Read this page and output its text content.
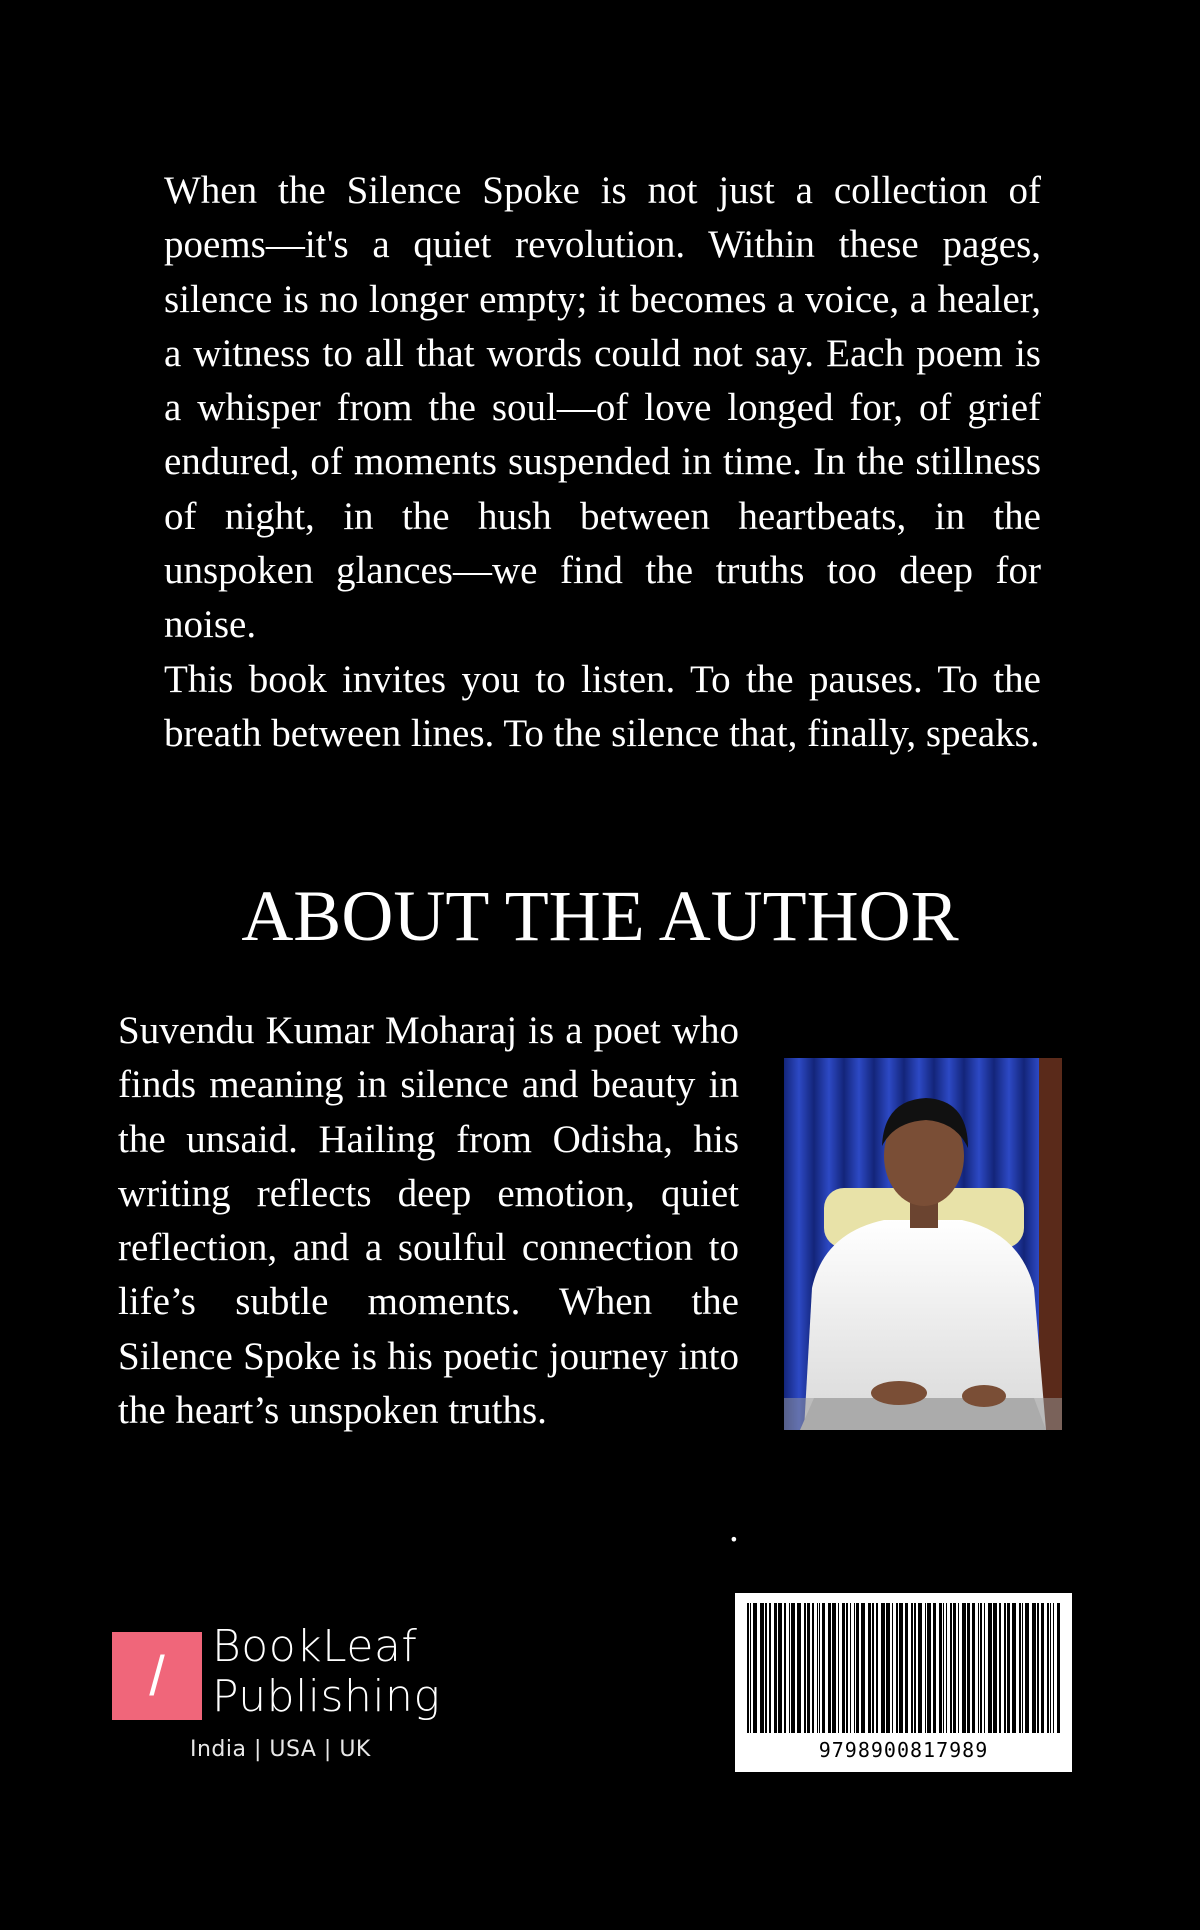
When the Silence Spoke is not just a collection of poems—it's a quiet revolution. Within these pages, silence is no longer empty; it becomes a voice, a healer, a witness to all that words could not say. Each poem is a whisper from the soul—of love longed for, of grief endured, of moments suspended in time. In the stillness of night, in the hush between heartbeats, in the unspoken glances—we find the truths too deep for noise.

This book invites you to listen. To the pauses. To the breath between lines. To the silence that, finally, speaks.

ABOUT THE AUTHOR

Suvendu Kumar Moharaj is a poet who finds meaning in silence and beauty in the unsaid. Hailing from Odisha, his writing reflects deep emotion, quiet reflection, and a soulful connection to life’s subtle moments. When the Silence Spoke is his poetic journey into the heart’s unspoken truths.

.
/	BookLeaf
Publishing
India | USA | UK	9798900817989
